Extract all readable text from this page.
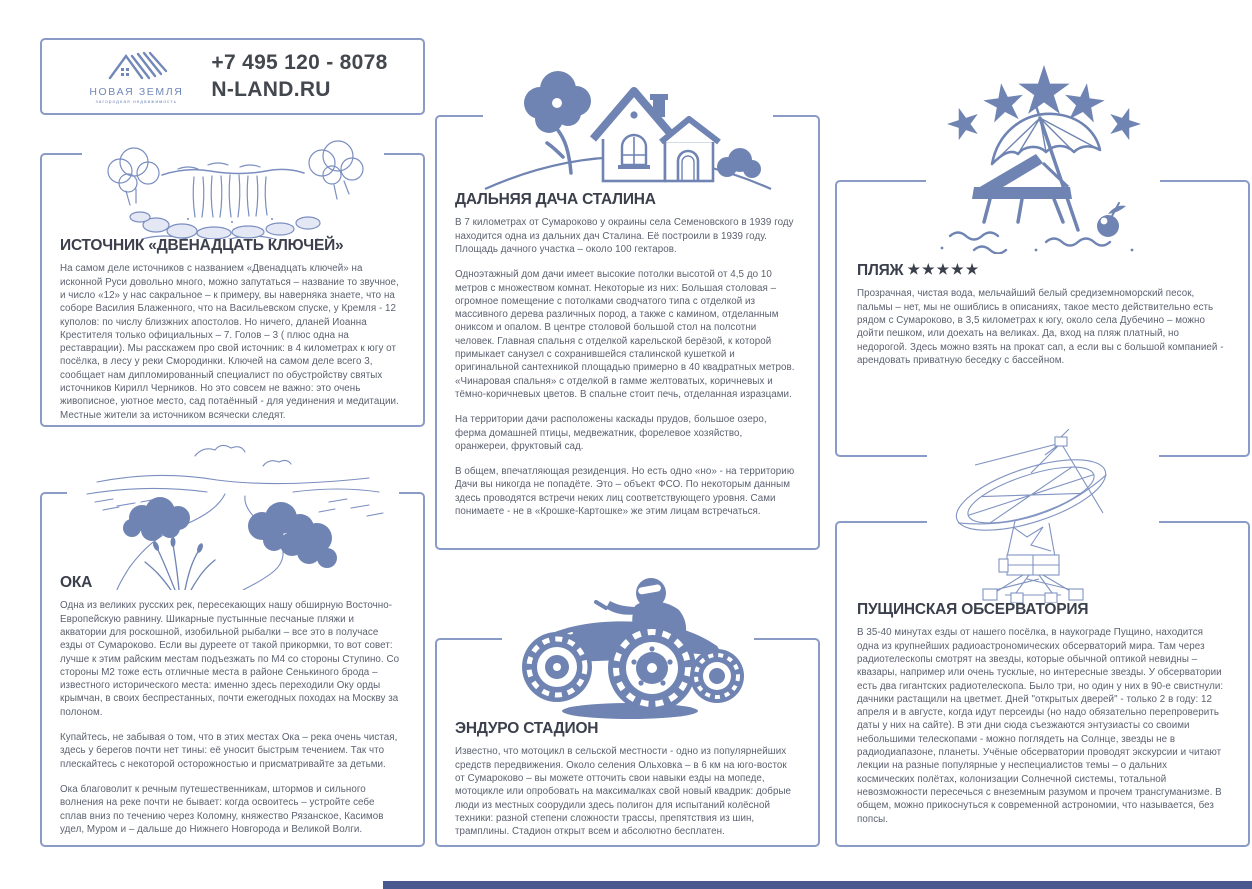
НОВАЯ ЗЕМЛЯ
загородная недвижимость
+7 495 120 - 8078
N-LAND.RU
ИСТОЧНИК «ДВЕНАДЦАТЬ КЛЮЧЕЙ»

На самом деле источников с названием «Двенадцать ключей» на исконной Руси довольно много, можно запутаться – название то звучное, и число «12» у нас сакральное – к примеру, вы наверняка знаете, что на соборе Василия Блаженного, что на Васильевском спуске, у Кремля - 12 куполов: по числу близжних апостолов. Но ничего, дланей Иоанна Крестителя только официальных – 7. Голов – 3 ( плюс одна на реставрации). Мы расскажем про свой источник: в 4 километрах к югу от посёлка, в лесу у реки Смородинки. Ключей на самом деле всего 3, сообщает нам дипломированный специалист по обустройству святых источников Кирилл Черников. Но это совсем не важно: это очень живописное, уютное место, сад потаённый - для уединения и медитации. Местные жители за источником всячески следят.

ОКА

Одна из великих русских рек, пересекающих нашу обширную Восточно-Европейскую равнину. Шикарные пустынные песчаные пляжи и акватории для роскошной, изобильной рыбалки – все это в получасе езды от Сумароково. Если вы дуреете от такой прикормки, то вот совет: лучше к этим райским местам подъезжать по М4 со стороны Ступино. Со стороны М2 тоже есть отличные места в районе Сенькиного брода – известного исторического места: именно здесь переходили Оку орды крымчан, в своих беспрестанных, почти ежегодных походах на Москву за полоном.

Купайтесь, не забывая о том, что в этих местах Ока – река очень чистая, здесь у берегов почти нет тины: её уносит быстрым течением. Так что плескайтесь с некоторой осторожностью и присматривайте за детьми.

Ока благоволит к речным путешественникам, штормов и сильного волнения на реке почти не бывает: когда освоитесь – устройте себе сплав вниз по течению через Коломну, княжество Рязанское, Касимов удел, Муром и – дальше до Нижнего Новгорода и Великой Волги.

ДАЛЬНЯЯ ДАЧА СТАЛИНА

В 7 километрах от Сумароково у окраины села Семеновского в 1939 году находится одна из дальних дач Сталина. Её построили в 1939 году. Площадь дачного участка – около 100 гектаров.

Одноэтажный дом дачи имеет высокие потолки высотой от 4,5 до 10 метров с множеством комнат. Некоторые из них: Большая столовая – огромное помещение с потолками сводчатого типа с отделкой из массивного дерева различных пород, а также с камином, отделанным ониксом и опалом. В центре столовой большой стол на полсотни человек. Главная спальня с отделкой карельской берёзой, к которой примыкает санузел с сохранившейся сталинской кушеткой и оригинальной сантехникой площадью примерно в 40 квадратных метров. «Чинаровая спальня» с отделкой в гамме желтоватых, коричневых и тёмно-коричневых цветов. В спальне стоит печь, отделанная изразцами.

На территории дачи расположены каскады прудов, большое озеро, ферма домашней птицы, медвежатник, форелевое хозяйство, оранжереи, фруктовый сад.

В общем, впечатляющая резиденция. Но есть одно «но» - на территорию Дачи вы никогда не попадёте. Это – объект ФСО. По некоторым данным здесь проводятся встречи неких лиц соответствующего уровня. Сами понимаете - не в «Крошке-Картошке» же этим лицам встречаться.

ЭНДУРО СТАДИОН

Известно, что мотоцикл в сельской местности - одно из популярнейших средств передвижения. Около селения Ольховка – в 6 км на юго-восток от Сумароково – вы можете отточить свои навыки езды на мопеде, мотоцикле или опробовать на максималках свой новый квадрик: добрые люди из местных соорудили здесь полигон для испытаний колёсной техники: разной степени сложности трассы, препятствия из шин, трамплины. Стадион открыт всем и абсолютно бесплатен.

ПЛЯЖ ★★★★★

Прозрачная, чистая вода, мельчайший белый средиземноморский песок, пальмы – нет, мы не ошиблись в описаниях, такое место действительно есть рядом с Сумароково, в 3,5 километрах к югу, около села Дубечино – можно дойти пешком, или доехать на великах. Да, вход на пляж платный, но недорогой. Здесь можно взять на прокат сап, а если вы с большой компанией - арендовать приватную беседку с бассейном.

ПУЩИНСКАЯ ОБСЕРВАТОРИЯ

В 35-40 минутах езды от нашего посёлка, в наукограде Пущино, находится одна из крупнейших радиоастрономических обсерваторий мира. Там через радиотелескопы смотрят на звезды, которые обычной оптикой невидны – квазары, например или очень тусклые, но интересные звезды. У обсерватории есть два гигантских радиотелескопа. Было три, но один у них в 90-е свистнули: дачники растащили на цветмет. Дней "открытых дверей" - только 2 в году: 12 апреля и в августе, когда идут персеиды (но надо обязательно перепроверить даты у них на сайте). В эти дни сюда съезжаются энтузиасты со своими небольшими телескопами - можно поглядеть на Солнце, звезды не в радиодиапазоне, планеты. Учёные обсерватории проводят экскурсии и читают лекции на разные популярные у неспециалистов темы – о дальних космических полётах, колонизации Солнечной системы, тотальной невозможности пересечься с внеземным разумом и прочем трансгуманизме. В общем, можно прикоснуться к современной астрономии, что называется, без попсы.
